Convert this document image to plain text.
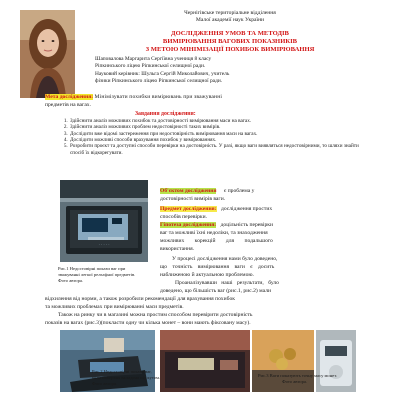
Чернігівське територіальне відділення
Малої академії наук України
ДОСЛІДЖЕННЯ УМОВ ТА МЕТОДІВ
ВИМІРЮВАННЯ ВАГОВИХ ПОКАЗНИКІВ
З МЕТОЮ МІНІМІЗАЦІЇ ПОХИБОК ВИМІРЮВАННЯ
Шаповалова Маргарита Сергіївна учениця 8 класу
Ріпкинського ліцею Ріпкинської селищної ради.
Науковий керівник: Шульга Сергій Миколайович, учитель
фізики Ріпкинського ліцею Ріпкинської селищної ради.
Мета дослідження: Мінімізувати похибки вимірювань при зважуванні
предметів на вагах.
Завдання дослідження:
1. Здійснити аналіз можливих похибок та достовірності вимірювання маси на вагах.
2. Здійснити аналіз можливих проблем недостовірності таких вимірів.
3. Дослідити вже відомі застереження при недостовірність вимірювання маси на вагах.
4. Дослідити можливі способи врахування похибок у вимірюваннях.
5. Розробити проєкт та доступні способи перевірки на достовірність. У разі, якщо ваги виявляться недостовірними, то шляхи знайти спосіб їх відкорегувати.
· · · · ·
Об'єктом дослідження є проблема у
достовірності вимірів ваги.
Предмет дослідження: дослідження простих
способів перевірки.
Гіпотеза дослідження: доцільність перевірки
ваг та можливі їхні недоліки, та знаходження
можливих корекцій для подальшого
використання.
У процесі дослідження нами було доведено,
що точність вимірювання ваги є досить
наближеною й актуальною проблемою.
Проаналізувавши наші результати, було
доведено, що більшість ваг (рис.1, рис.2) мали
відхилення від норми, а також розробили рекомендації для врахування похибок
та можливих проблемах при вимірюванні маси предметів.
Також на ринку чи в магазині можна простим способом перевірити достовірність
показів на вагах (рис.3)(покласти одну чи кілька монет – вони мають фіксовану масу).
Рис.1 Недостовірні покази ваг при
зважуванні легкої рельєфної предметів.
Фото автора.
Рис.2 Недостовірні покази ваг,
коли поверхня вкладена під кутом.
Фото автора.
Рис.3 Ваги показують точну масу монет.
Фото автора.
